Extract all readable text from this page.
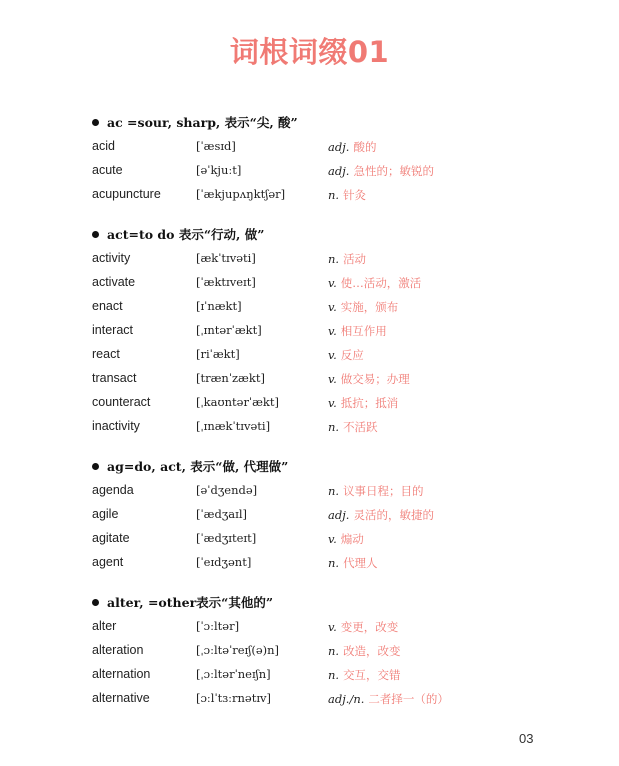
词根词缀01
ac =sour, sharp, 表示“尖, 酸”
acid	[ˈæsɪd]	adj. 酸的
acute	[əˈkjuːt]	adj. 急性的；敏锐的
acupuncture	[ˈækjupʌŋktʃər]	n. 针灸
act=to do 表示“行动, 做”
activity	[ækˈtɪvəti]	n. 活动
activate	[ˈæktɪveɪt]	v. 使…活动，激活
enact	[ɪˈnækt]	v. 实施，颁布
interact	[ˌɪntərˈækt]	v. 相互作用
react	[riˈækt]	v. 反应
transact	[trænˈzækt]	v. 做交易；办理
counteract	[ˌkaʊntərˈækt]	v. 抵抗；抵消
inactivity	[ˌɪnækˈtɪvəti]	n. 不活跃
ag=do, act, 表示“做, 代理做”
agenda	[əˈdʒendə]	n. 议事日程；目的
agile	[ˈædʒaɪl]	adj. 灵活的，敏捷的
agitate	[ˈædʒɪteɪt]	v. 煽动
agent	[ˈeɪdʒənt]	n. 代理人
alter, =other表示“其他的”
alter	[ˈɔːltər]	v. 变更，改变
alteration	[ˌɔːltəˈreɪʃ(ə)n]	n. 改造，改变
alternation	[ˌɔːltərˈneɪʃn]	n. 交互，交错
alternative	[ɔːlˈtɜːrnətɪv]	adj./n. 二者择一（的）
03
